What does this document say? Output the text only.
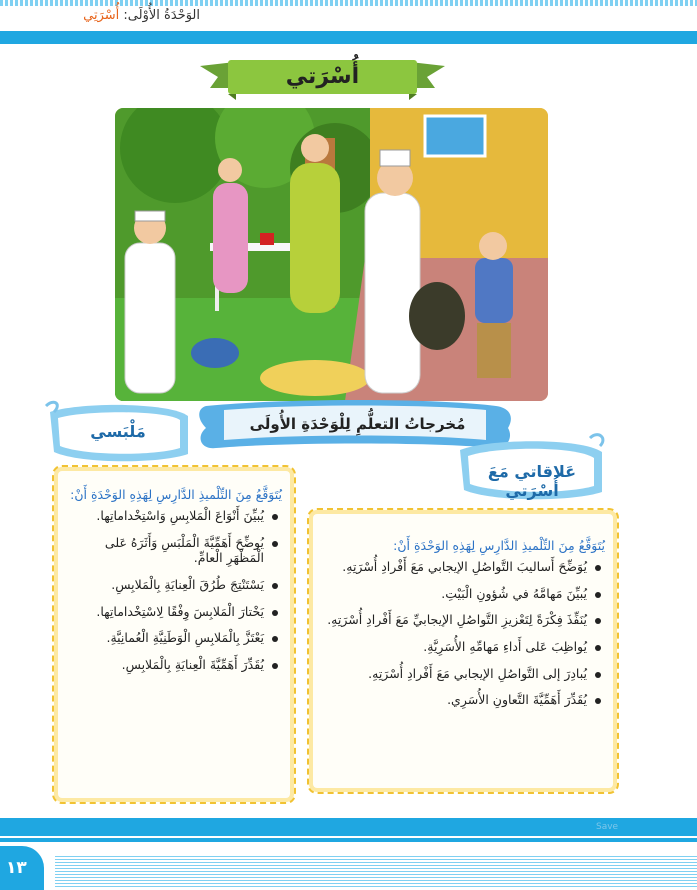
الوَحْدَةُ الأُوْلَى: أُسْرَتِي
أُسْرَتي
مَلْبَسي	مُخرجاتُ التعلُّمِ لِلْوَحْدَةِ الأُولَى
عَلاقاتي مَعَ أُسْرَتي
يُتَوَقَّعُ مِنَ التِّلْميذِ الدَّارِسِ لِهَذِهِ الوَحْدَةِ أَنْ:
يُبيِّنَ أَنْوَاعَ الْمَلابِسِ وَاسْتِخْداماتِها.
يُوضِّحَ أَهَمِّيَّةَ الْمَلْبَسِ وَأَثَرَهُ عَلى الْمَظْهَرِ الْعامِّ.
يَسْتَنْتِجَ طُرُقَ الْعِنايَةِ بِالْمَلابِسِ.
يَخْتارَ الْمَلابِسَ وِفْقًا لِاسْتِخْداماتِها.
يَعْتَزَّ بِالْمَلابِسِ الْوَطَنِيَّةِ الْعُمانِيَّةِ.
يُقَدِّرَ أَهَمِّيَّةَ الْعِنايَةِ بِالْمَلابِسِ.
يُتَوَقَّعُ مِنَ التِّلْميذِ الدَّارِسِ لِهَذِهِ الوَحْدَةِ أَنْ:
يُوَضِّحَ أَساليبَ التَّواصُلِ الإيجابي مَعَ أَفْرادِ أُسْرَتِهِ.
يُبيِّنَ مَهامَّهُ في شُؤونِ الْبَيْتِ.
يُنَفِّذَ فِكْرَةً لِتَعْزيزِ التَّواصُلِ الإيجابيِّ مَعَ أَفْرادِ أُسْرَتِهِ.
يُواظِبَ عَلى أَداءِ مَهامِّهِ الأُسَرِيَّةِ.
يُبادِرَ إلى التَّواصُلِ الإيجابي مَعَ أَفْرادِ أُسْرَتِهِ.
يُقَدِّرَ أَهَمِّيَّةَ التَّعاونِ الأُسَرِي.
Save
١٣
